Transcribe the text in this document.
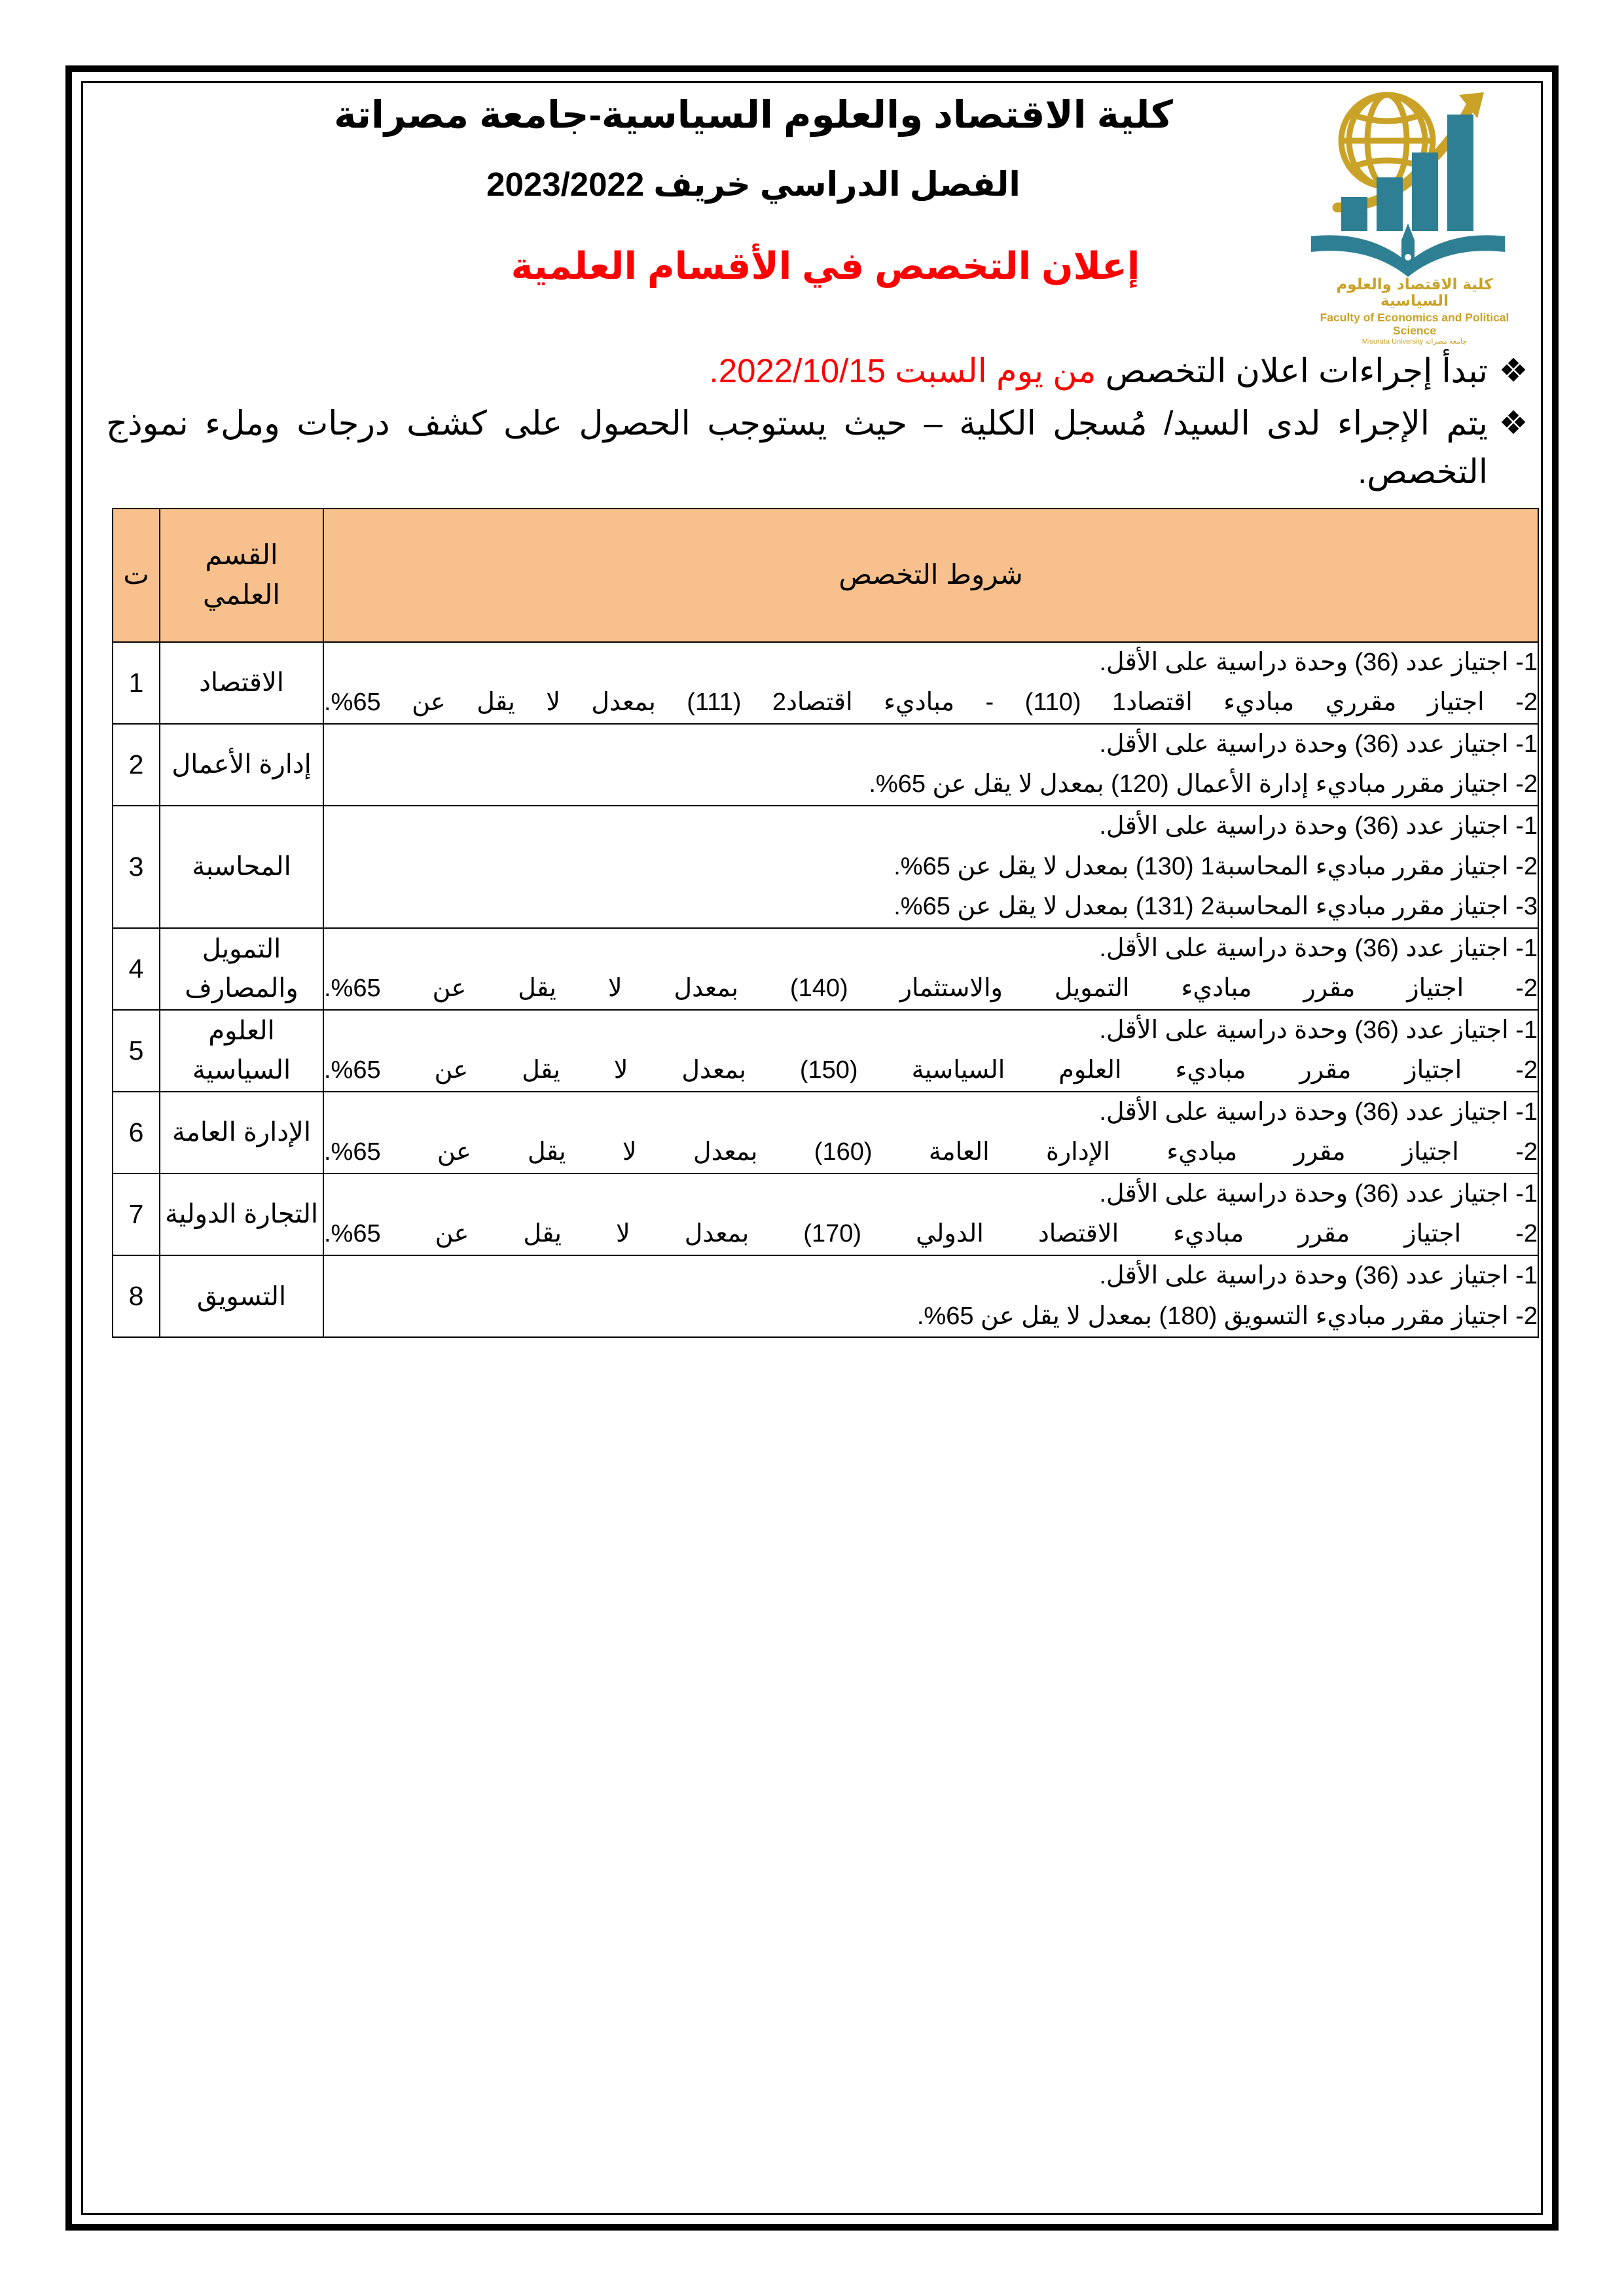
كلية الاقتصاد والعلوم السياسية
Faculty of Economics and Political Science
جامعة مصراتة Misurata University
كلية الاقتصاد والعلوم السياسية-جامعة مصراتة
الفصل الدراسي خريف 2023/2022
إعلان التخصص في الأقسام العلمية
❖
تبدأ إجراءات اعلان التخصص من يوم السبت 2022/10/15.
❖
يتم الإجراء لدى السيد/ مُسجل الكلية – حيث يستوجب الحصول على كشف درجات وملء نموذج التخصص.
شروط التخصص	القسم العلمي	ت

1- اجتياز عدد (36) وحدة دراسية على الأقل.
2- اجتياز مقرري مباديء اقتصاد1 (110) - مباديء اقتصاد2 (111) بمعدل لا يقل عن 65%.	الاقتصاد	1

1- اجتياز عدد (36) وحدة دراسية على الأقل.
2- اجتياز مقرر مباديء إدارة الأعمال (120) بمعدل لا يقل عن 65%.	إدارة الأعمال	2

1- اجتياز عدد (36) وحدة دراسية على الأقل.
2- اجتياز مقرر مباديء المحاسبة1 (130) بمعدل لا يقل عن 65%.
3- اجتياز مقرر مباديء المحاسبة2 (131) بمعدل لا يقل عن 65%.	المحاسبة	3

1- اجتياز عدد (36) وحدة دراسية على الأقل.
2- اجتياز مقرر مباديء التمويل والاستثمار (140) بمعدل لا يقل عن 65%.	التمويل والمصارف	4

1- اجتياز عدد (36) وحدة دراسية على الأقل.
2- اجتياز مقرر مباديء العلوم السياسية (150) بمعدل لا يقل عن 65%.	العلوم السياسية	5

1- اجتياز عدد (36) وحدة دراسية على الأقل.
2- اجتياز مقرر مباديء الإدارة العامة (160) بمعدل لا يقل عن 65%.	الإدارة العامة	6

1- اجتياز عدد (36) وحدة دراسية على الأقل.
2- اجتياز مقرر مباديء الاقتصاد الدولي (170) بمعدل لا يقل عن 65%.	التجارة الدولية	7

1- اجتياز عدد (36) وحدة دراسية على الأقل.
2- اجتياز مقرر مباديء التسويق (180) بمعدل لا يقل عن 65%.	التسويق	8
